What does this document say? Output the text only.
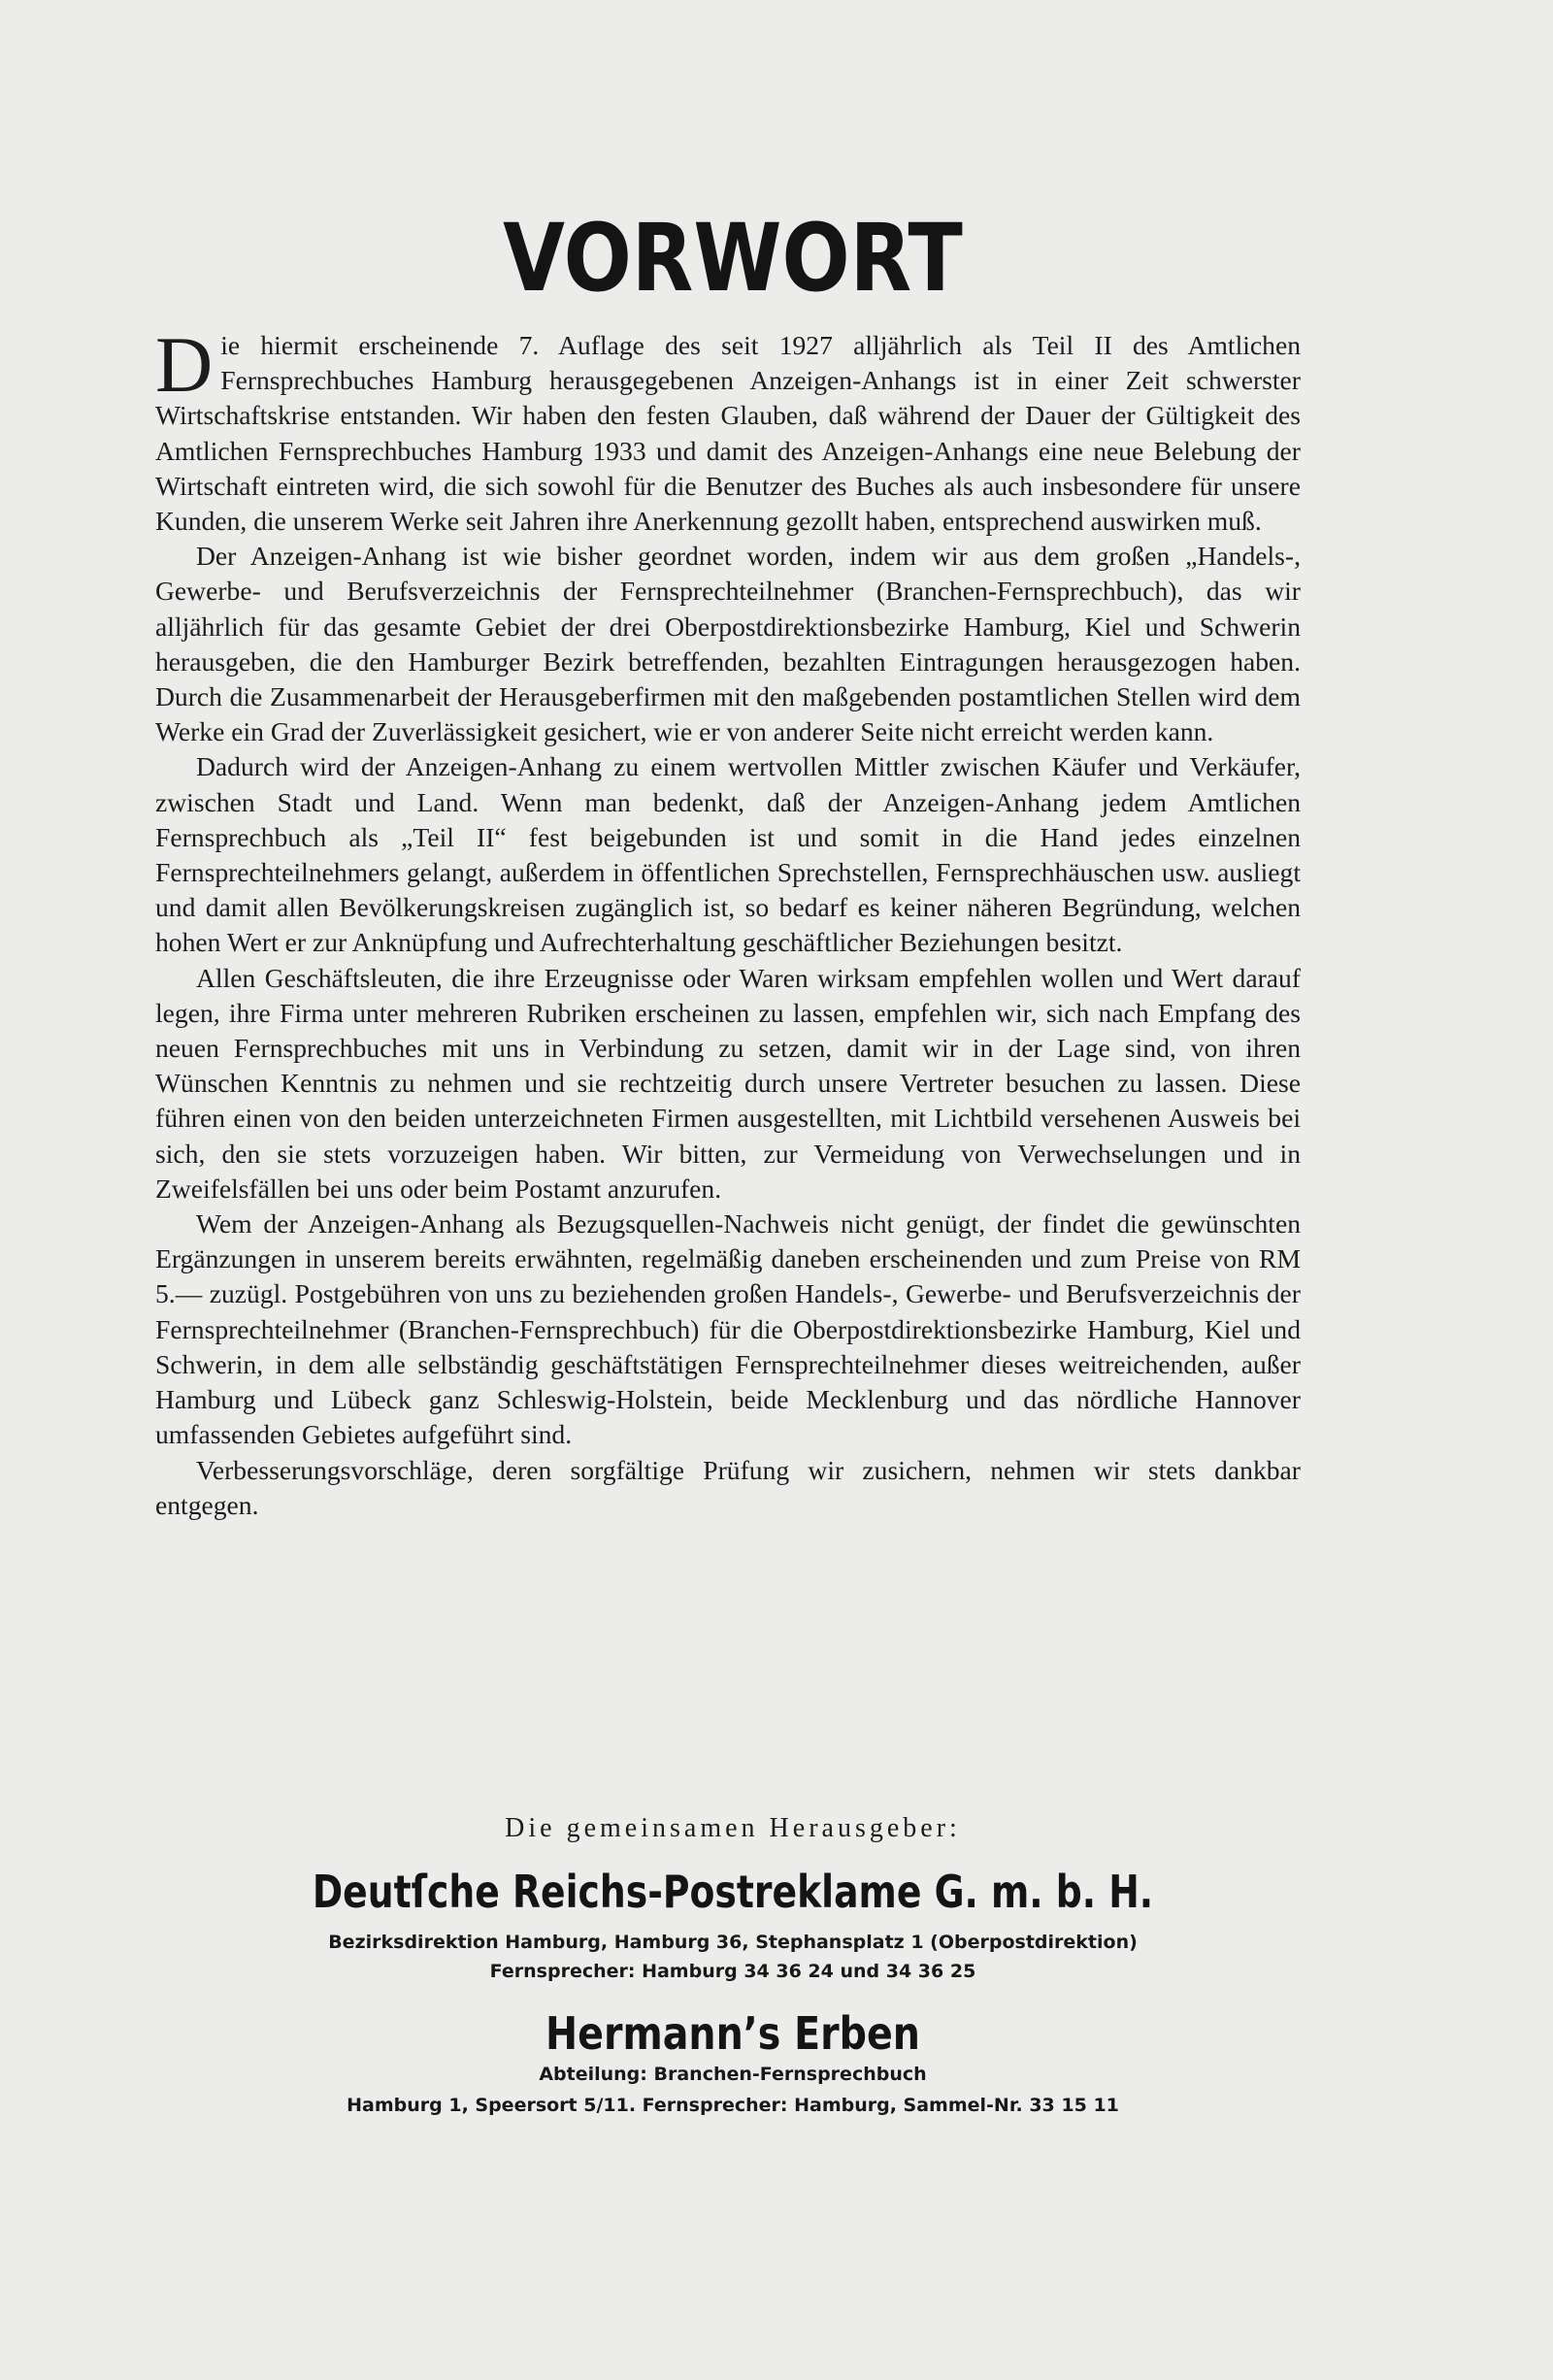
VORWORT

Die hiermit erscheinende 7. Auflage des seit 1927 alljährlich als Teil II des Amtlichen Fernsprechbuches Hamburg herausgegebenen Anzeigen-Anhangs ist in einer Zeit schwerster Wirtschaftskrise entstanden. Wir haben den festen Glauben, daß während der Dauer der Gültigkeit des Amtlichen Fernsprechbuches Hamburg 1933 und damit des Anzeigen-Anhangs eine neue Belebung der Wirtschaft eintreten wird, die sich sowohl für die Benutzer des Buches als auch insbesondere für unsere Kunden, die unserem Werke seit Jahren ihre Anerkennung gezollt haben, entsprechend auswirken muß.

Der Anzeigen-Anhang ist wie bisher geordnet worden, indem wir aus dem großen „Handels-, Gewerbe- und Berufsverzeichnis der Fernsprechteilnehmer (Branchen-Fernsprechbuch), das wir alljährlich für das gesamte Gebiet der drei Oberpostdirektionsbezirke Hamburg, Kiel und Schwerin herausgeben, die den Hamburger Bezirk betreffenden, bezahlten Eintragungen herausgezogen haben. Durch die Zusammenarbeit der Herausgeberfirmen mit den maßgebenden postamtlichen Stellen wird dem Werke ein Grad der Zuverlässigkeit gesichert, wie er von anderer Seite nicht erreicht werden kann.

Dadurch wird der Anzeigen-Anhang zu einem wertvollen Mittler zwischen Käufer und Verkäufer, zwischen Stadt und Land. Wenn man bedenkt, daß der Anzeigen-Anhang jedem Amtlichen Fernsprechbuch als „Teil II“ fest beigebunden ist und somit in die Hand jedes einzelnen Fernsprechteilnehmers gelangt, außerdem in öffentlichen Sprechstellen, Fernsprechhäuschen usw. ausliegt und damit allen Bevölkerungskreisen zugänglich ist, so bedarf es keiner näheren Begründung, welchen hohen Wert er zur Anknüpfung und Aufrechterhaltung geschäftlicher Beziehungen besitzt.

Allen Geschäftsleuten, die ihre Erzeugnisse oder Waren wirksam empfehlen wollen und Wert darauf legen, ihre Firma unter mehreren Rubriken erscheinen zu lassen, empfehlen wir, sich nach Empfang des neuen Fernsprechbuches mit uns in Verbindung zu setzen, damit wir in der Lage sind, von ihren Wünschen Kenntnis zu nehmen und sie rechtzeitig durch unsere Vertreter besuchen zu lassen. Diese führen einen von den beiden unterzeichneten Firmen ausgestellten, mit Lichtbild versehenen Ausweis bei sich, den sie stets vorzuzeigen haben. Wir bitten, zur Vermeidung von Verwechselungen und in Zweifelsfällen bei uns oder beim Postamt anzurufen.

Wem der Anzeigen-Anhang als Bezugsquellen-Nachweis nicht genügt, der findet die gewünschten Ergänzungen in unserem bereits erwähnten, regelmäßig daneben erscheinenden und zum Preise von RM 5.— zuzügl. Postgebühren von uns zu beziehenden großen Handels-, Gewerbe- und Berufsverzeichnis der Fernsprechteilnehmer (Branchen-Fernsprechbuch) für die Oberpostdirektionsbezirke Hamburg, Kiel und Schwerin, in dem alle selbständig geschäftstätigen Fernsprechteilnehmer dieses weitreichenden, außer Hamburg und Lübeck ganz Schleswig-Holstein, beide Mecklenburg und das nördliche Hannover umfassenden Gebietes aufgeführt sind.

Verbesserungsvorschläge, deren sorgfältige Prüfung wir zusichern, nehmen wir stets dankbar entgegen.

Die gemeinsamen Herausgeber:
Deutſche Reichs-Postreklame G. m. b. H.
Bezirksdirektion Hamburg, Hamburg 36, Stephansplatz 1 (Oberpostdirektion)
Fernsprecher: Hamburg 34 36 24 und 34 36 25
Hermann’s Erben
Abteilung: Branchen-Fernsprechbuch
Hamburg 1, Speersort 5/11. Fernsprecher: Hamburg, Sammel-Nr. 33 15 11
